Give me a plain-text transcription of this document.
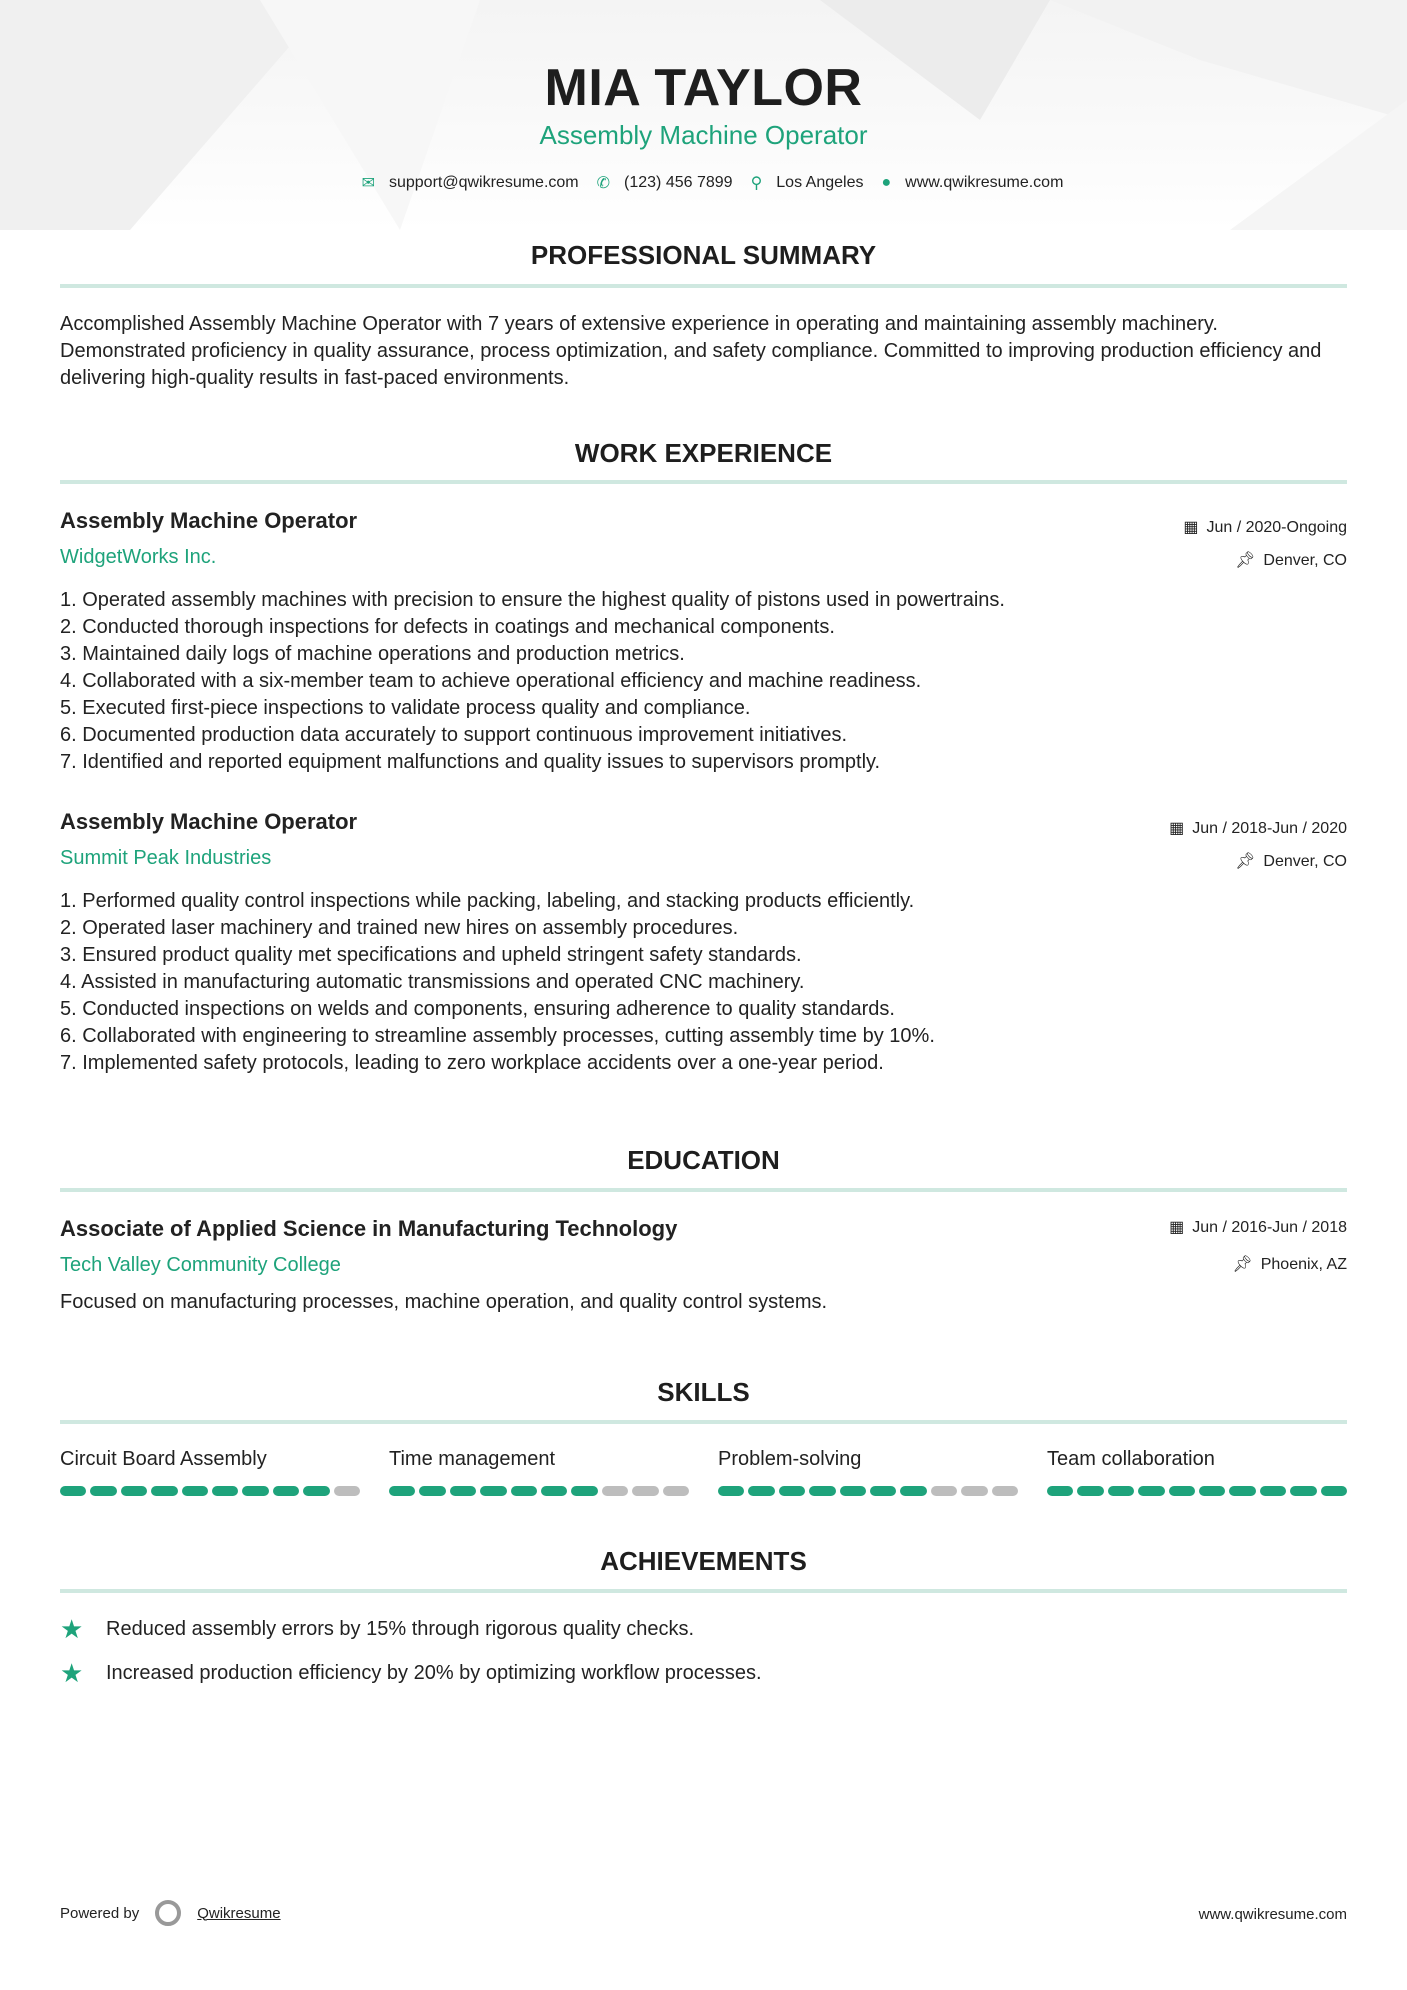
MIA TAYLOR
Assembly Machine Operator
✉ support@qwikresume.com ✆ (123) 456 7899 ⚲ Los Angeles ● www.qwikresume.com
PROFESSIONAL SUMMARY
Accomplished Assembly Machine Operator with 7 years of extensive experience in operating and maintaining assembly machinery. Demonstrated proficiency in quality assurance, process optimization, and safety compliance. Committed to improving production efficiency and delivering high-quality results in fast-paced environments.
WORK EXPERIENCE
Assembly Machine Operator	▦ Jun / 2020-Ongoing
WidgetWorks Inc.	📌︎ Denver, CO
1. Operated assembly machines with precision to ensure the highest quality of pistons used in powertrains.
2. Conducted thorough inspections for defects in coatings and mechanical components.
3. Maintained daily logs of machine operations and production metrics.
4. Collaborated with a six-member team to achieve operational efficiency and machine readiness.
5. Executed first-piece inspections to validate process quality and compliance.
6. Documented production data accurately to support continuous improvement initiatives.
7. Identified and reported equipment malfunctions and quality issues to supervisors promptly.
Assembly Machine Operator	▦ Jun / 2018-Jun / 2020
Summit Peak Industries	📌︎ Denver, CO
1. Performed quality control inspections while packing, labeling, and stacking products efficiently.
2. Operated laser machinery and trained new hires on assembly procedures.
3. Ensured product quality met specifications and upheld stringent safety standards.
4. Assisted in manufacturing automatic transmissions and operated CNC machinery.
5. Conducted inspections on welds and components, ensuring adherence to quality standards.
6. Collaborated with engineering to streamline assembly processes, cutting assembly time by 10%.
7. Implemented safety protocols, leading to zero workplace accidents over a one-year period.
EDUCATION
Associate of Applied Science in Manufacturing Technology	▦ Jun / 2016-Jun / 2018
Tech Valley Community College	📌︎ Phoenix, AZ
Focused on manufacturing processes, machine operation, and quality control systems.
SKILLS
Circuit Board Assembly	Time management	Problem-solving	Team collaboration
ACHIEVEMENTS
★	Reduced assembly errors by 15% through rigorous quality checks.
★	Increased production efficiency by 20% by optimizing workflow processes.
Powered by	Qwikresume	www.qwikresume.com
